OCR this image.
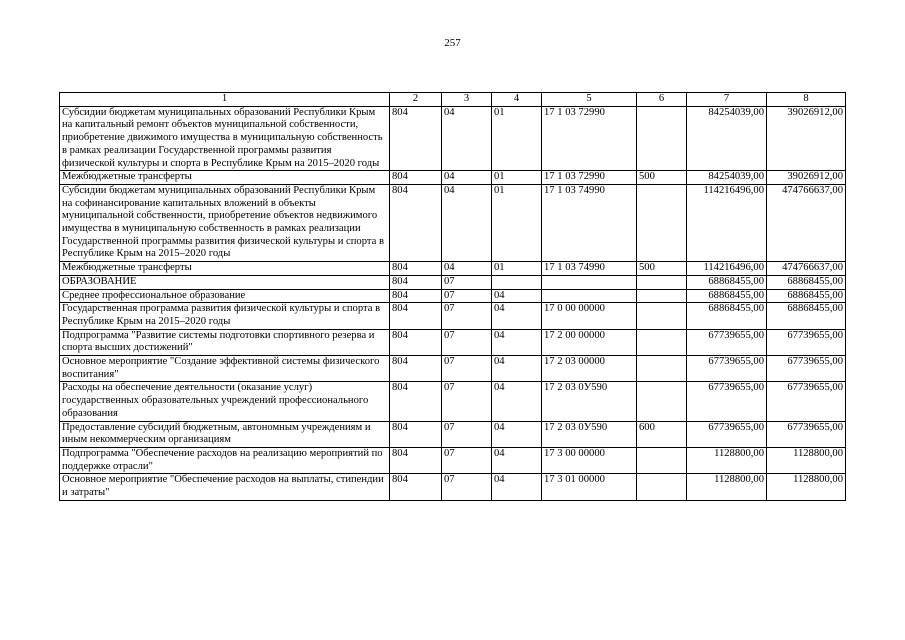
257
1	2	3	4	5	6	7	8
Субсидии бюджетам муниципальных образований Республики Крым на капитальный ремонт объектов муниципальной собственности, приобретение движимого имущества в муниципальную собственность в рамках реализации Государственной программы развития физической культуры и спорта в Республике Крым на 2015–2020 годы	804	04	01	17 1 03 72990		84254039,00	39026912,00
Межбюджетные трансферты	804	04	01	17 1 03 72990	500	84254039,00	39026912,00
Субсидии бюджетам муниципальных образований Республики Крым на софинансирование капитальных вложений в объекты муниципальной собственности, приобретение объектов недвижимого имущества в муниципальную собственность в рамках реализации Государственной программы развития физической культуры и спорта в Республике Крым на 2015–2020 годы	804	04	01	17 1 03 74990		114216496,00	474766637,00
Межбюджетные трансферты	804	04	01	17 1 03 74990	500	114216496,00	474766637,00
ОБРАЗОВАНИЕ	804	07				68868455,00	68868455,00
Среднее профессиональное образование	804	07	04			68868455,00	68868455,00
Государственная программа развития физической культуры и спорта в Республике Крым на 2015–2020 годы	804	07	04	17 0 00 00000		68868455,00	68868455,00
Подпрограмма "Развитие системы подготовки спортивного резерва и спорта высших достижений"	804	07	04	17 2 00 00000		67739655,00	67739655,00
Основное мероприятие "Создание эффективной системы физического воспитания"	804	07	04	17 2 03 00000		67739655,00	67739655,00
Расходы на обеспечение деятельности (оказание услуг) государственных образовательных учреждений профессионального образования	804	07	04	17 2 03 0У590		67739655,00	67739655,00
Предоставление субсидий бюджетным, автономным учреждениям и иным некоммерческим организациям	804	07	04	17 2 03 0У590	600	67739655,00	67739655,00
Подпрограмма "Обеспечение расходов на реализацию мероприятий по поддержке отрасли"	804	07	04	17 3 00 00000		1128800,00	1128800,00
Основное мероприятие "Обеспечение расходов на выплаты, стипендии и затраты"	804	07	04	17 3 01 00000		1128800,00	1128800,00
